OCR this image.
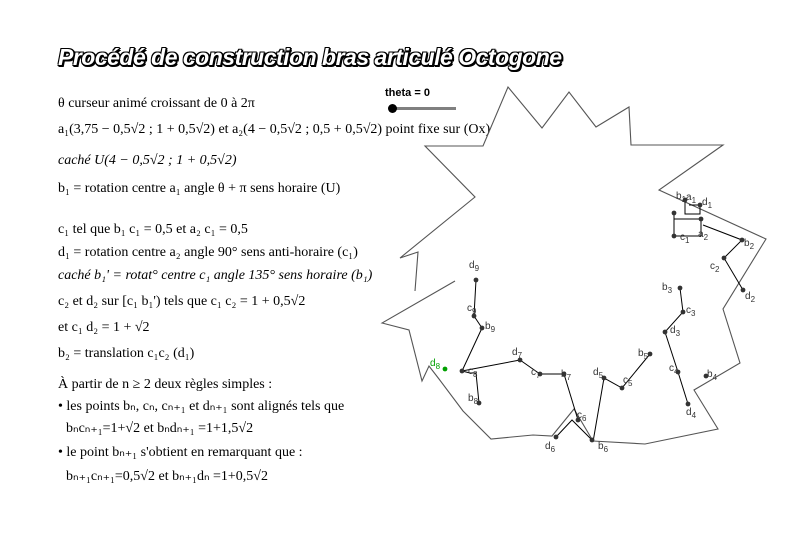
Procédé de construction bras articulé Octogone
θ curseur animé croissant de 0 à 2π
a₁(3,75 − 0,5√2 ; 1 + 0,5√2) et a₂(4 − 0,5√2 ; 0,5 + 0,5√2) point fixe sur (Ox)
caché U(4 − 0,5√2 ; 1 + 0,5√2)
b₁ = rotation centre a₁ angle θ + π sens horaire (U)
c₁ tel que b₁ c₁ = 0,5 et a₂ c₁ = 0,5
d₁ = rotation centre a₂ angle 90° sens anti-horaire (c₁)
caché b₁' = rotat° centre c₁ angle 135° sens horaire (b₁)
c₂ et d₂ sur [c₁ b₁') tels que c₁ c₂ = 1 + 0,5√2
et c₁ d₂ = 1 + √2
b₂ = translation c₁c₂ (d₁)
À partir de n ≥ 2 deux règles simples :
• les points bₙ, cₙ, cₙ₊₁ et dₙ₊₁ sont alignés tels que
bₙcₙ₊₁=1+√2 et bₙdₙ₊₁ =1+1,5√2
• le point bₙ₊₁ s'obtient en remarquant que :
bₙ₊₁cₙ₊₁=0,5√2 et bₙ₊₁dₙ =1+0,5√2
theta = 0
$a_1$ $d_1$
$b_1$
$c_1$
$a_2$
$b_2$
$c_2$
$d_2$
$b_3$
$c_3$
$d_3$
$b_5$
$c_4$	$b_4$
$d_4$
$c_5$
$d_5$
$c_6$
$b_7$
$d_6$	$b_6$
$c_7$
$d_7$
$c_8$
$b_8$
$d_8$
$c_9$
$b_9$
$d_9$
